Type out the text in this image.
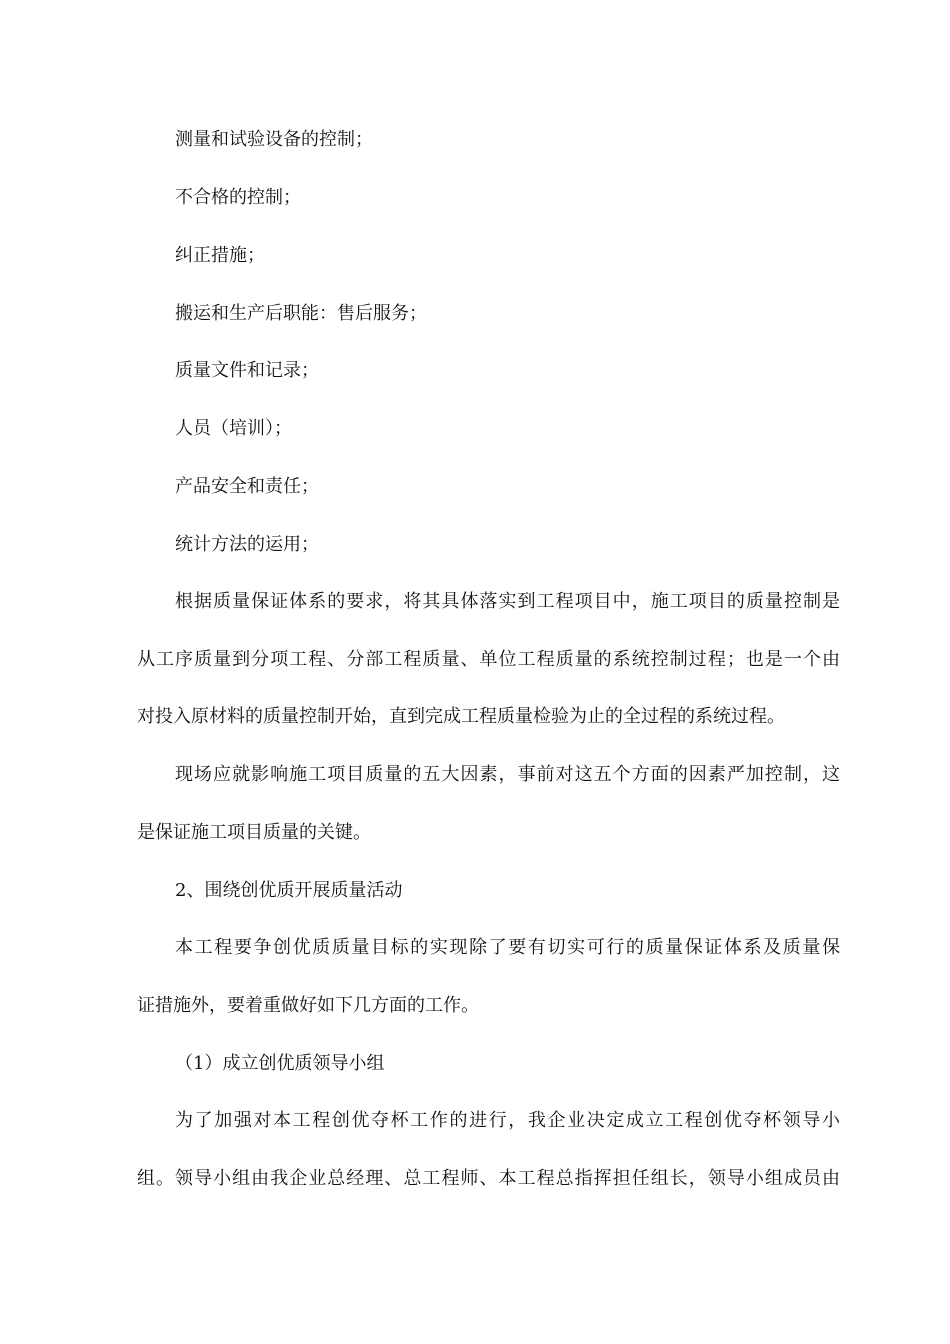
测量和试验设备的控制；
不合格的控制；
纠正措施；
搬运和生产后职能：售后服务；
质量文件和记录；
人员（培训）；
产品安全和责任；
统计方法的运用；
根据质量保证体系的要求，将其具体落实到工程项目中，施工项目的质量控制是
从工序质量到分项工程、分部工程质量、单位工程质量的系统控制过程；也是一个由
对投入原材料的质量控制开始，直到完成工程质量检验为止的全过程的系统过程。
现场应就影响施工项目质量的五大因素，事前对这五个方面的因素严加控制，这
是保证施工项目质量的关键。
2、围绕创优质开展质量活动
本工程要争创优质质量目标的实现除了要有切实可行的质量保证体系及质量保
证措施外，要着重做好如下几方面的工作。
（1）成立创优质领导小组
为了加强对本工程创优夺杯工作的进行，我企业决定成立工程创优夺杯领导小
组。领导小组由我企业总经理、总工程师、本工程总指挥担任组长，领导小组成员由
